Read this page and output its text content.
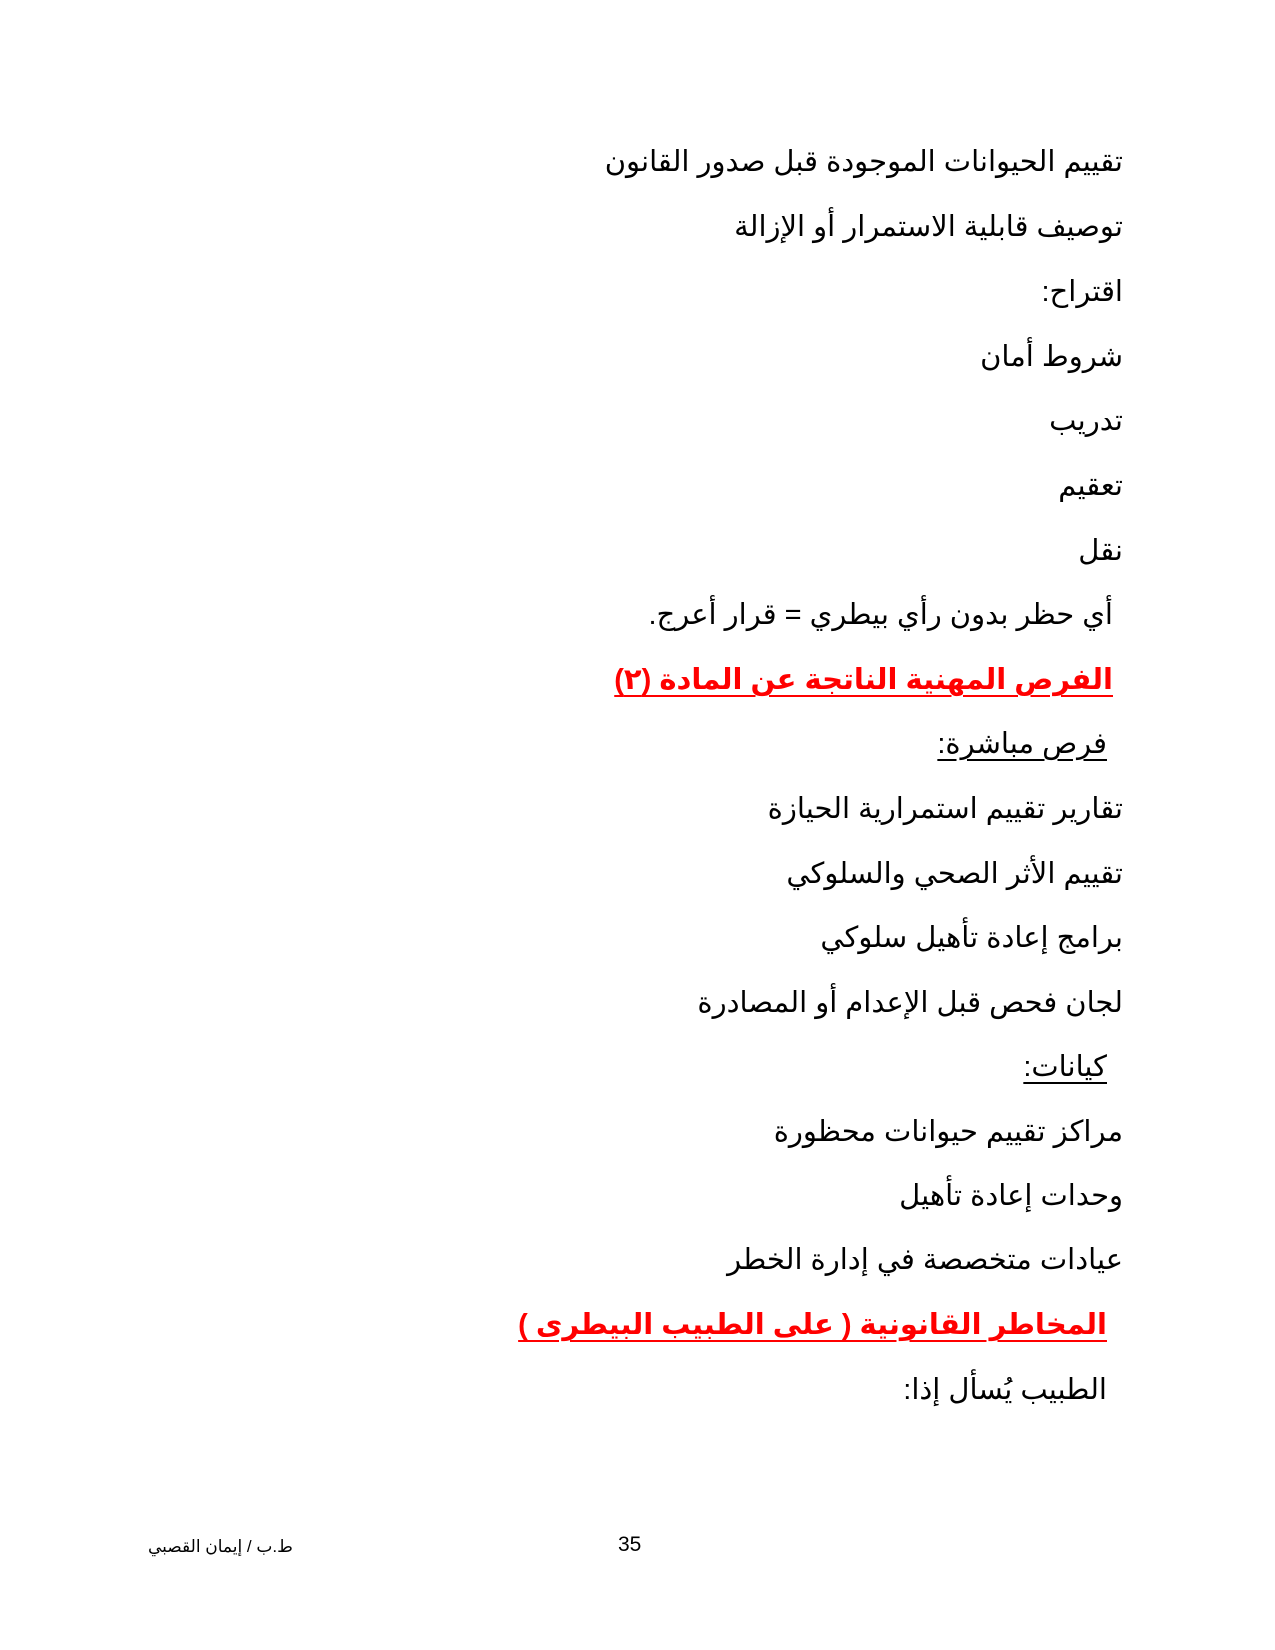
تقييم الحيوانات الموجودة قبل صدور القانون
توصيف قابلية الاستمرار أو الإزالة
اقتراح:
شروط أمان
تدريب
تعقيم
نقل
أي حظر بدون رأي بيطري = قرار أعرج.
الفرص المهنية الناتجة عن المادة (٢)
فرص مباشرة:
تقارير تقييم استمرارية الحيازة
تقييم الأثر الصحي والسلوكي
برامج إعادة تأهيل سلوكي
لجان فحص قبل الإعدام أو المصادرة
كيانات:
مراكز تقييم حيوانات محظورة
وحدات إعادة تأهيل
عيادات متخصصة في إدارة الخطر
المخاطر القانونية ( على الطبيب البيطرى )
الطبيب يُسأل إذا:
ط.ب / إيمان القصبي	35
